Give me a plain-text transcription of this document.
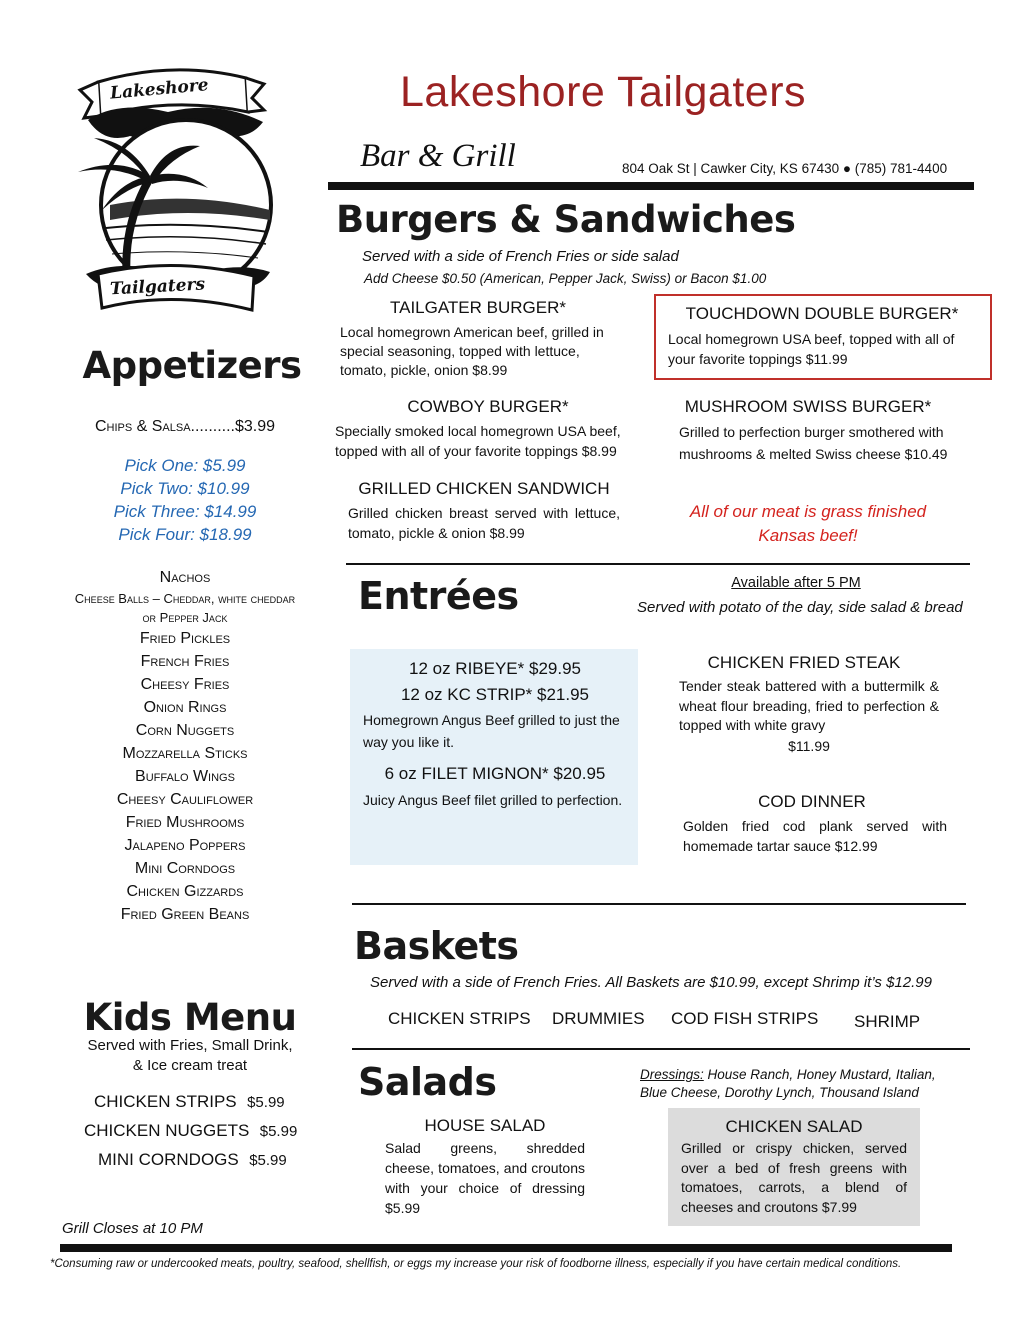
Lakeshore
Tailgaters
Lakeshore Tailgaters
Bar & Grill	804 Oak St | Cawker City, KS 67430 ● (785) 781-4400
Appetizers
Chips & Salsa..........$3.99
Pick One: $5.99
Pick Two: $10.99
Pick Three: $14.99
Pick Four: $18.99
Nachos
Cheese Balls – Cheddar, white cheddar
or Pepper Jack
Fried Pickles
French Fries
Cheesy Fries
Onion Rings
Corn Nuggets
Mozzarella Sticks
Buffalo Wings
Cheesy Cauliflower
Fried Mushrooms
Jalapeno Poppers
Mini Corndogs
Chicken Gizzards
Fried Green Beans
Kids Menu
Served with Fries, Small Drink,
& Ice cream treat
CHICKEN STRIPS $5.99
CHICKEN NUGGETS $5.99
MINI CORNDOGS $5.99
Grill Closes at 10 PM
Burgers & Sandwiches
Served with a side of French Fries or side salad
Add Cheese $0.50 (American, Pepper Jack, Swiss) or Bacon $1.00
TAILGATER BURGER*
Local homegrown American beef, grilled in special seasoning, topped with lettuce, tomato, pickle, onion $8.99
TOUCHDOWN DOUBLE BURGER*
Local homegrown USA beef, topped with all of your favorite toppings $11.99
COWBOY BURGER*
Specially smoked local homegrown USA beef, topped with all of your favorite toppings $8.99
MUSHROOM SWISS BURGER*
Grilled to perfection burger smothered with mushrooms & melted Swiss cheese $10.49
GRILLED CHICKEN SANDWICH
Grilled chicken breast served with lettuce, tomato, pickle & onion $8.99
All of our meat is grass finished
Kansas beef!
Entrées	Available after 5 PM
Served with potato of the day, side salad & bread
12 oz RIBEYE* $29.95
12 oz KC STRIP* $21.95
Homegrown Angus Beef grilled to just the way you like it.
6 oz FILET MIGNON* $20.95
Juicy Angus Beef filet grilled to perfection.
CHICKEN FRIED STEAK
Tender steak battered with a buttermilk & wheat flour breading, fried to perfection & topped with white gravy
$11.99
COD DINNER
Golden fried cod plank served with homemade tartar sauce $12.99
Baskets
Served with a side of French Fries. All Baskets are $10.99, except Shrimp it’s $12.99
CHICKEN STRIPS DRUMMIES COD FISH STRIPS SHRIMP
Salads	Dressings: House Ranch, Honey Mustard, Italian,
Blue Cheese, Dorothy Lynch, Thousand Island
HOUSE SALAD
Salad greens, shredded cheese, tomatoes, and croutons with your choice of dressing $5.99
CHICKEN SALAD
Grilled or crispy chicken, served over a bed of fresh greens with tomatoes, carrots, a blend of cheeses and croutons $7.99
*Consuming raw or undercooked meats, poultry, seafood, shellfish, or eggs my increase your risk of foodborne illness, especially if you have certain medical conditions.
